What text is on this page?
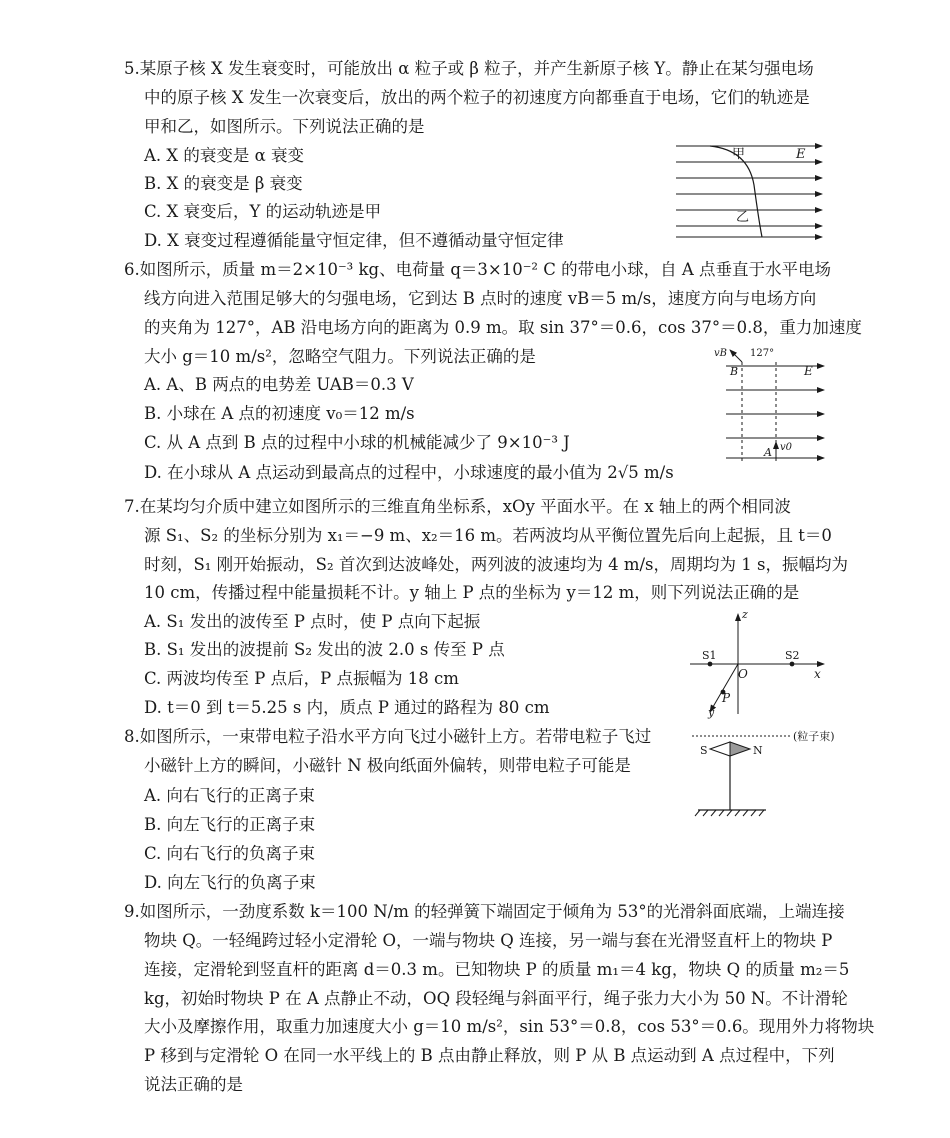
5.某原子核 X 发生衰变时，可能放出 α 粒子或 β 粒子，并产生新原子核 Y。静止在某匀强电场
中的原子核 X 发生一次衰变后，放出的两个粒子的初速度方向都垂直于电场，它们的轨迹是
甲和乙，如图所示。下列说法正确的是
A. X 的衰变是 α 衰变
B. X 的衰变是 β 衰变
C. X 衰变后，Y 的运动轨迹是甲
D. X 衰变过程遵循能量守恒定律，但不遵循动量守恒定律
甲	E
乙
6.如图所示，质量 m＝2×10⁻³ kg、电荷量 q＝3×10⁻² C 的带电小球，自 A 点垂直于水平电场
线方向进入范围足够大的匀强电场，它到达 B 点时的速度 vB＝5 m/s，速度方向与电场方向
的夹角为 127°，AB 沿电场方向的距离为 0.9 m。取 sin 37°＝0.6，cos 37°＝0.8，重力加速度
大小 g＝10 m/s²，忽略空气阻力。下列说法正确的是
A. A、B 两点的电势差 UAB＝0.3 V
B. 小球在 A 点的初速度 v₀＝12 m/s
C. 从 A 点到 B 点的过程中小球的机械能减少了 9×10⁻³ J
D. 在小球从 A 点运动到最高点的过程中，小球速度的最小值为 2√5 m/s
vB 127°
B
A v0
E
7.在某均匀介质中建立如图所示的三维直角坐标系，xOy 平面水平。在 x 轴上的两个相同波
源 S₁、S₂ 的坐标分别为 x₁＝−9 m、x₂＝16 m。若两波均从平衡位置先后向上起振，且 t＝0
时刻，S₁ 刚开始振动，S₂ 首次到达波峰处，两列波的波速均为 4 m/s，周期均为 1 s，振幅均为
10 cm，传播过程中能量损耗不计。y 轴上 P 点的坐标为 y＝12 m，则下列说法正确的是
A. S₁ 发出的波传至 P 点时，使 P 点向下起振
B. S₁ 发出的波提前 S₂ 发出的波 2.0 s 传至 P 点
C. 两波均传至 P 点后，P 点振幅为 18 cm
D. t＝0 到 t＝5.25 s 内，质点 P 通过的路程为 80 cm
z
x
y
O
P
S1	S2
8.如图所示，一束带电粒子沿水平方向飞过小磁针上方。若带电粒子飞过
小磁针上方的瞬间，小磁针 N 极向纸面外偏转，则带电粒子可能是
A. 向右飞行的正离子束
B. 向左飞行的正离子束
C. 向右飞行的负离子束
D. 向左飞行的负离子束
(粒子束)
S	N
9.如图所示，一劲度系数 k＝100 N/m 的轻弹簧下端固定于倾角为 53°的光滑斜面底端，上端连接
物块 Q。一轻绳跨过轻小定滑轮 O，一端与物块 Q 连接，另一端与套在光滑竖直杆上的物块 P
连接，定滑轮到竖直杆的距离 d＝0.3 m。已知物块 P 的质量 m₁＝4 kg，物块 Q 的质量 m₂＝5
kg，初始时物块 P 在 A 点静止不动，OQ 段轻绳与斜面平行，绳子张力大小为 50 N。不计滑轮
大小及摩擦作用，取重力加速度大小 g＝10 m/s²，sin 53°＝0.8，cos 53°＝0.6。现用外力将物块
P 移到与定滑轮 O 在同一水平线上的 B 点由静止释放，则 P 从 B 点运动到 A 点过程中，下列
说法正确的是
